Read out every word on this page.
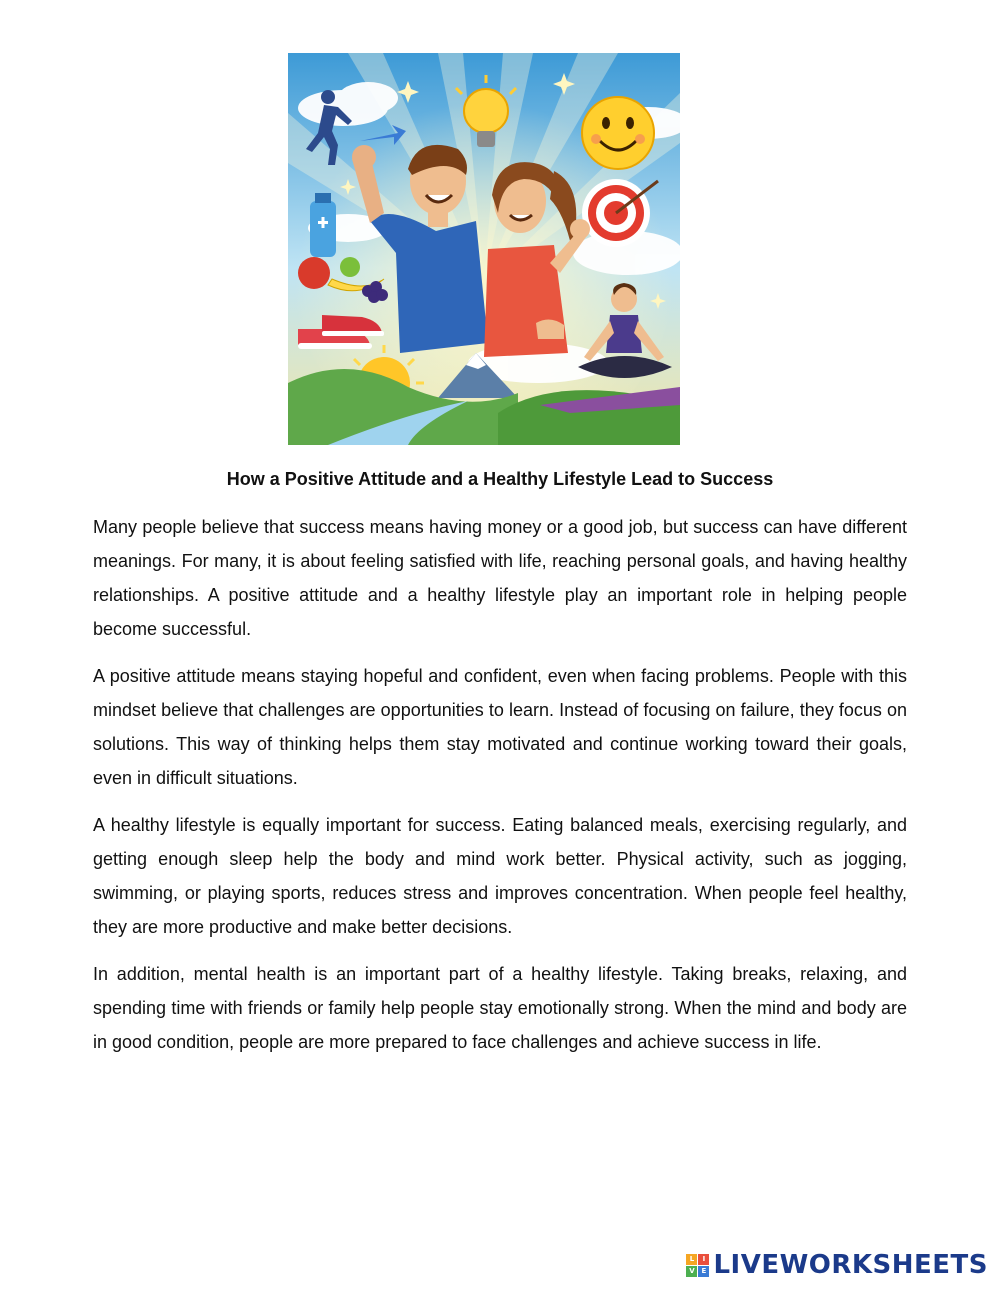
How a Positive Attitude and a Healthy Lifestyle Lead to Success

Many people believe that success means having money or a good job, but success can have different meanings. For many, it is about feeling satisfied with life, reaching personal goals, and having healthy relationships. A positive attitude and a healthy lifestyle play an important role in helping people become successful.

A positive attitude means staying hopeful and confident, even when facing problems. People with this mindset believe that challenges are opportunities to learn. Instead of focusing on failure, they focus on solutions. This way of thinking helps them stay motivated and continue working toward their goals, even in difficult situations.

A healthy lifestyle is equally important for success. Eating balanced meals, exercising regularly, and getting enough sleep help the body and mind work better. Physical activity, such as jogging, swimming, or playing sports, reduces stress and improves concentration. When people feel healthy, they are more productive and make better decisions.

In addition, mental health is an important part of a healthy lifestyle. Taking breaks, relaxing, and spending time with friends or family help people stay emotionally strong. When the mind and body are in good condition, people are more prepared to face challenges and achieve success in life.

L	I
V E LIVEWORKSHEETS
